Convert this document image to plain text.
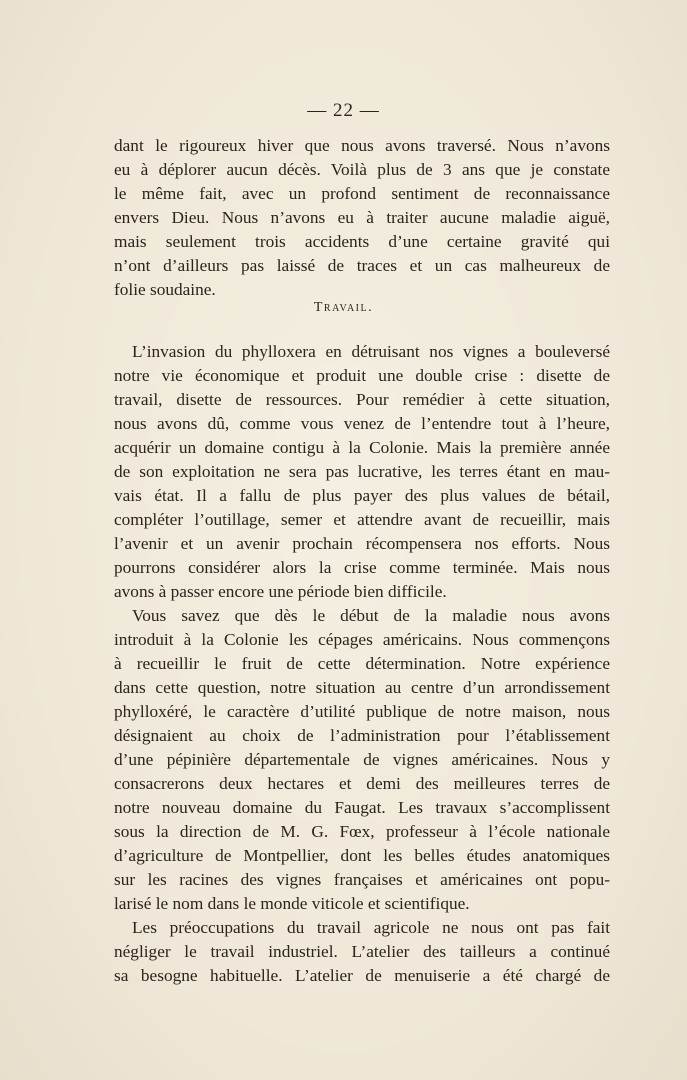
— 22 —
dant le rigoureux hiver que nous avons traversé. Nous n’avons
eu à déplorer aucun décès. Voilà plus de 3 ans que je constate
le même fait, avec un profond sentiment de reconnaissance
envers Dieu. Nous n’avons eu à traiter aucune maladie aiguë,
mais seulement trois accidents d’une certaine gravité qui
n’ont d’ailleurs pas laissé de traces et un cas malheureux de
folie soudaine.
Travail.
L’invasion du phylloxera en détruisant nos vignes a bouleversé
notre vie économique et produit une double crise : disette de
travail, disette de ressources. Pour remédier à cette situation,
nous avons dû, comme vous venez de l’entendre tout à l’heure,
acquérir un domaine contigu à la Colonie. Mais la première année
de son exploitation ne sera pas lucrative, les terres étant en mau-
vais état. Il a fallu de plus payer des plus values de bétail,
compléter l’outillage, semer et attendre avant de recueillir, mais
l’avenir et un avenir prochain récompensera nos efforts. Nous
pourrons considérer alors la crise comme terminée. Mais nous
avons à passer encore une période bien difficile.
Vous savez que dès le début de la maladie nous avons
introduit à la Colonie les cépages américains. Nous commençons
à recueillir le fruit de cette détermination. Notre expérience
dans cette question, notre situation au centre d’un arrondissement
phylloxéré, le caractère d’utilité publique de notre maison, nous
désignaient au choix de l’administration pour l’établissement
d’une pépinière départementale de vignes américaines. Nous y
consacrerons deux hectares et demi des meilleures terres de
notre nouveau domaine du Faugat. Les travaux s’accomplissent
sous la direction de M. G. Fœx, professeur à l’école nationale
d’agriculture de Montpellier, dont les belles études anatomiques
sur les racines des vignes françaises et américaines ont popu-
larisé le nom dans le monde viticole et scientifique.
Les préoccupations du travail agricole ne nous ont pas fait
négliger le travail industriel. L’atelier des tailleurs a continué
sa besogne habituelle. L’atelier de menuiserie a été chargé de
